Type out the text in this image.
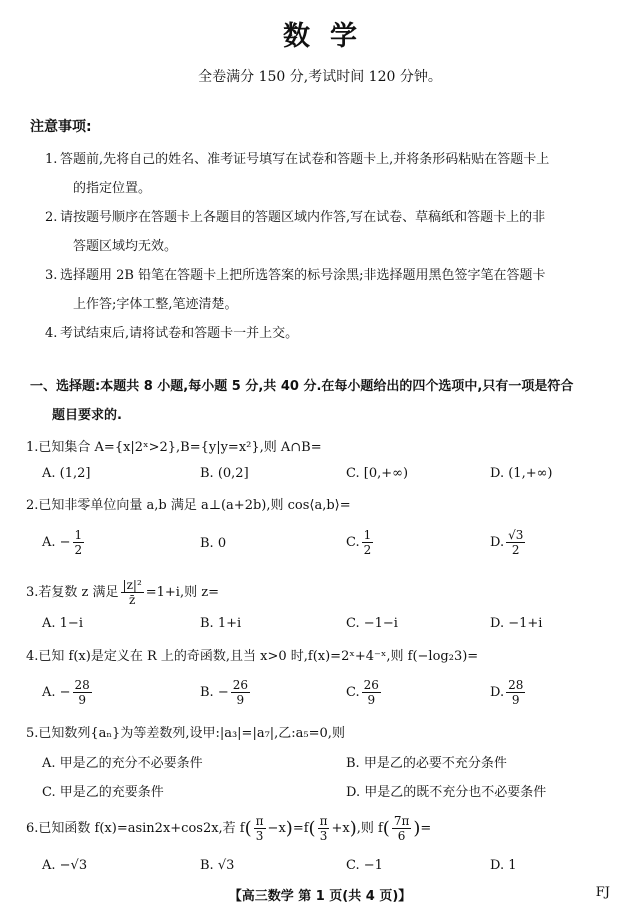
数学
全卷满分 150 分,考试时间 120 分钟。
注意事项:
1. 答题前,先将自己的姓名、准考证号填写在试卷和答题卡上,并将条形码粘贴在答题卡上
的指定位置。
2. 请按题号顺序在答题卡上各题目的答题区域内作答,写在试卷、草稿纸和答题卡上的非
答题区域均无效。
3. 选择题用 2B 铅笔在答题卡上把所选答案的标号涂黑;非选择题用黑色签字笔在答题卡
上作答;字体工整,笔迹清楚。
4. 考试结束后,请将试卷和答题卡一并上交。
一、选择题:本题共 8 小题,每小题 5 分,共 40 分.在每小题给出的四个选项中,只有一项是符合
题目要求的.
1.已知集合 A={x|2ˣ>2},B={y|y=x²},则 A∩B=
A. (1,2]	B. (0,2]	C. [0,+∞)	D. (1,+∞)
2.已知非零单位向量 a,b 满足 a⊥(a+2b),则 cos⟨a,b⟩=
A. − $\frac{1}{2}$	B. 0	C. $\frac{1}{2}$	D. $\frac{√3}{2}$
3.若复数 z 满足 $\frac{\text{|z|²}}{z̄} =1+i$,则 z=
A. 1−i	B. 1+i	C. −1−i	D. −1+i
4.已知 f(x)是定义在 R 上的奇函数,且当 x>0 时,f(x)=2ˣ+4⁻ˣ,则 f(−log₂3)=
A. − $\frac{28}{9}$	B. − $\frac{26}{9}$	C. $\frac{26}{9}$	D. $\frac{28}{9}$
5.已知数列{aₙ}为等差数列,设甲:|a₃|=|a₇|,乙:a₅=0,则
A. 甲是乙的充分不必要条件	B. 甲是乙的必要不充分条件
C. 甲是乙的充要条件	D. 甲是乙的既不充分也不必要条件
6.已知函数 f(x)=asin2x+cos2x,若 $f( \frac{\pi}{3} -x)=f( \frac{\pi}{3} +x)$,则 $f( \frac{7\pi}{6}$ )=
A. −√3	B. √3	C. −1	D. 1
【高三数学 第 1 页(共 4 页)】	FJ
